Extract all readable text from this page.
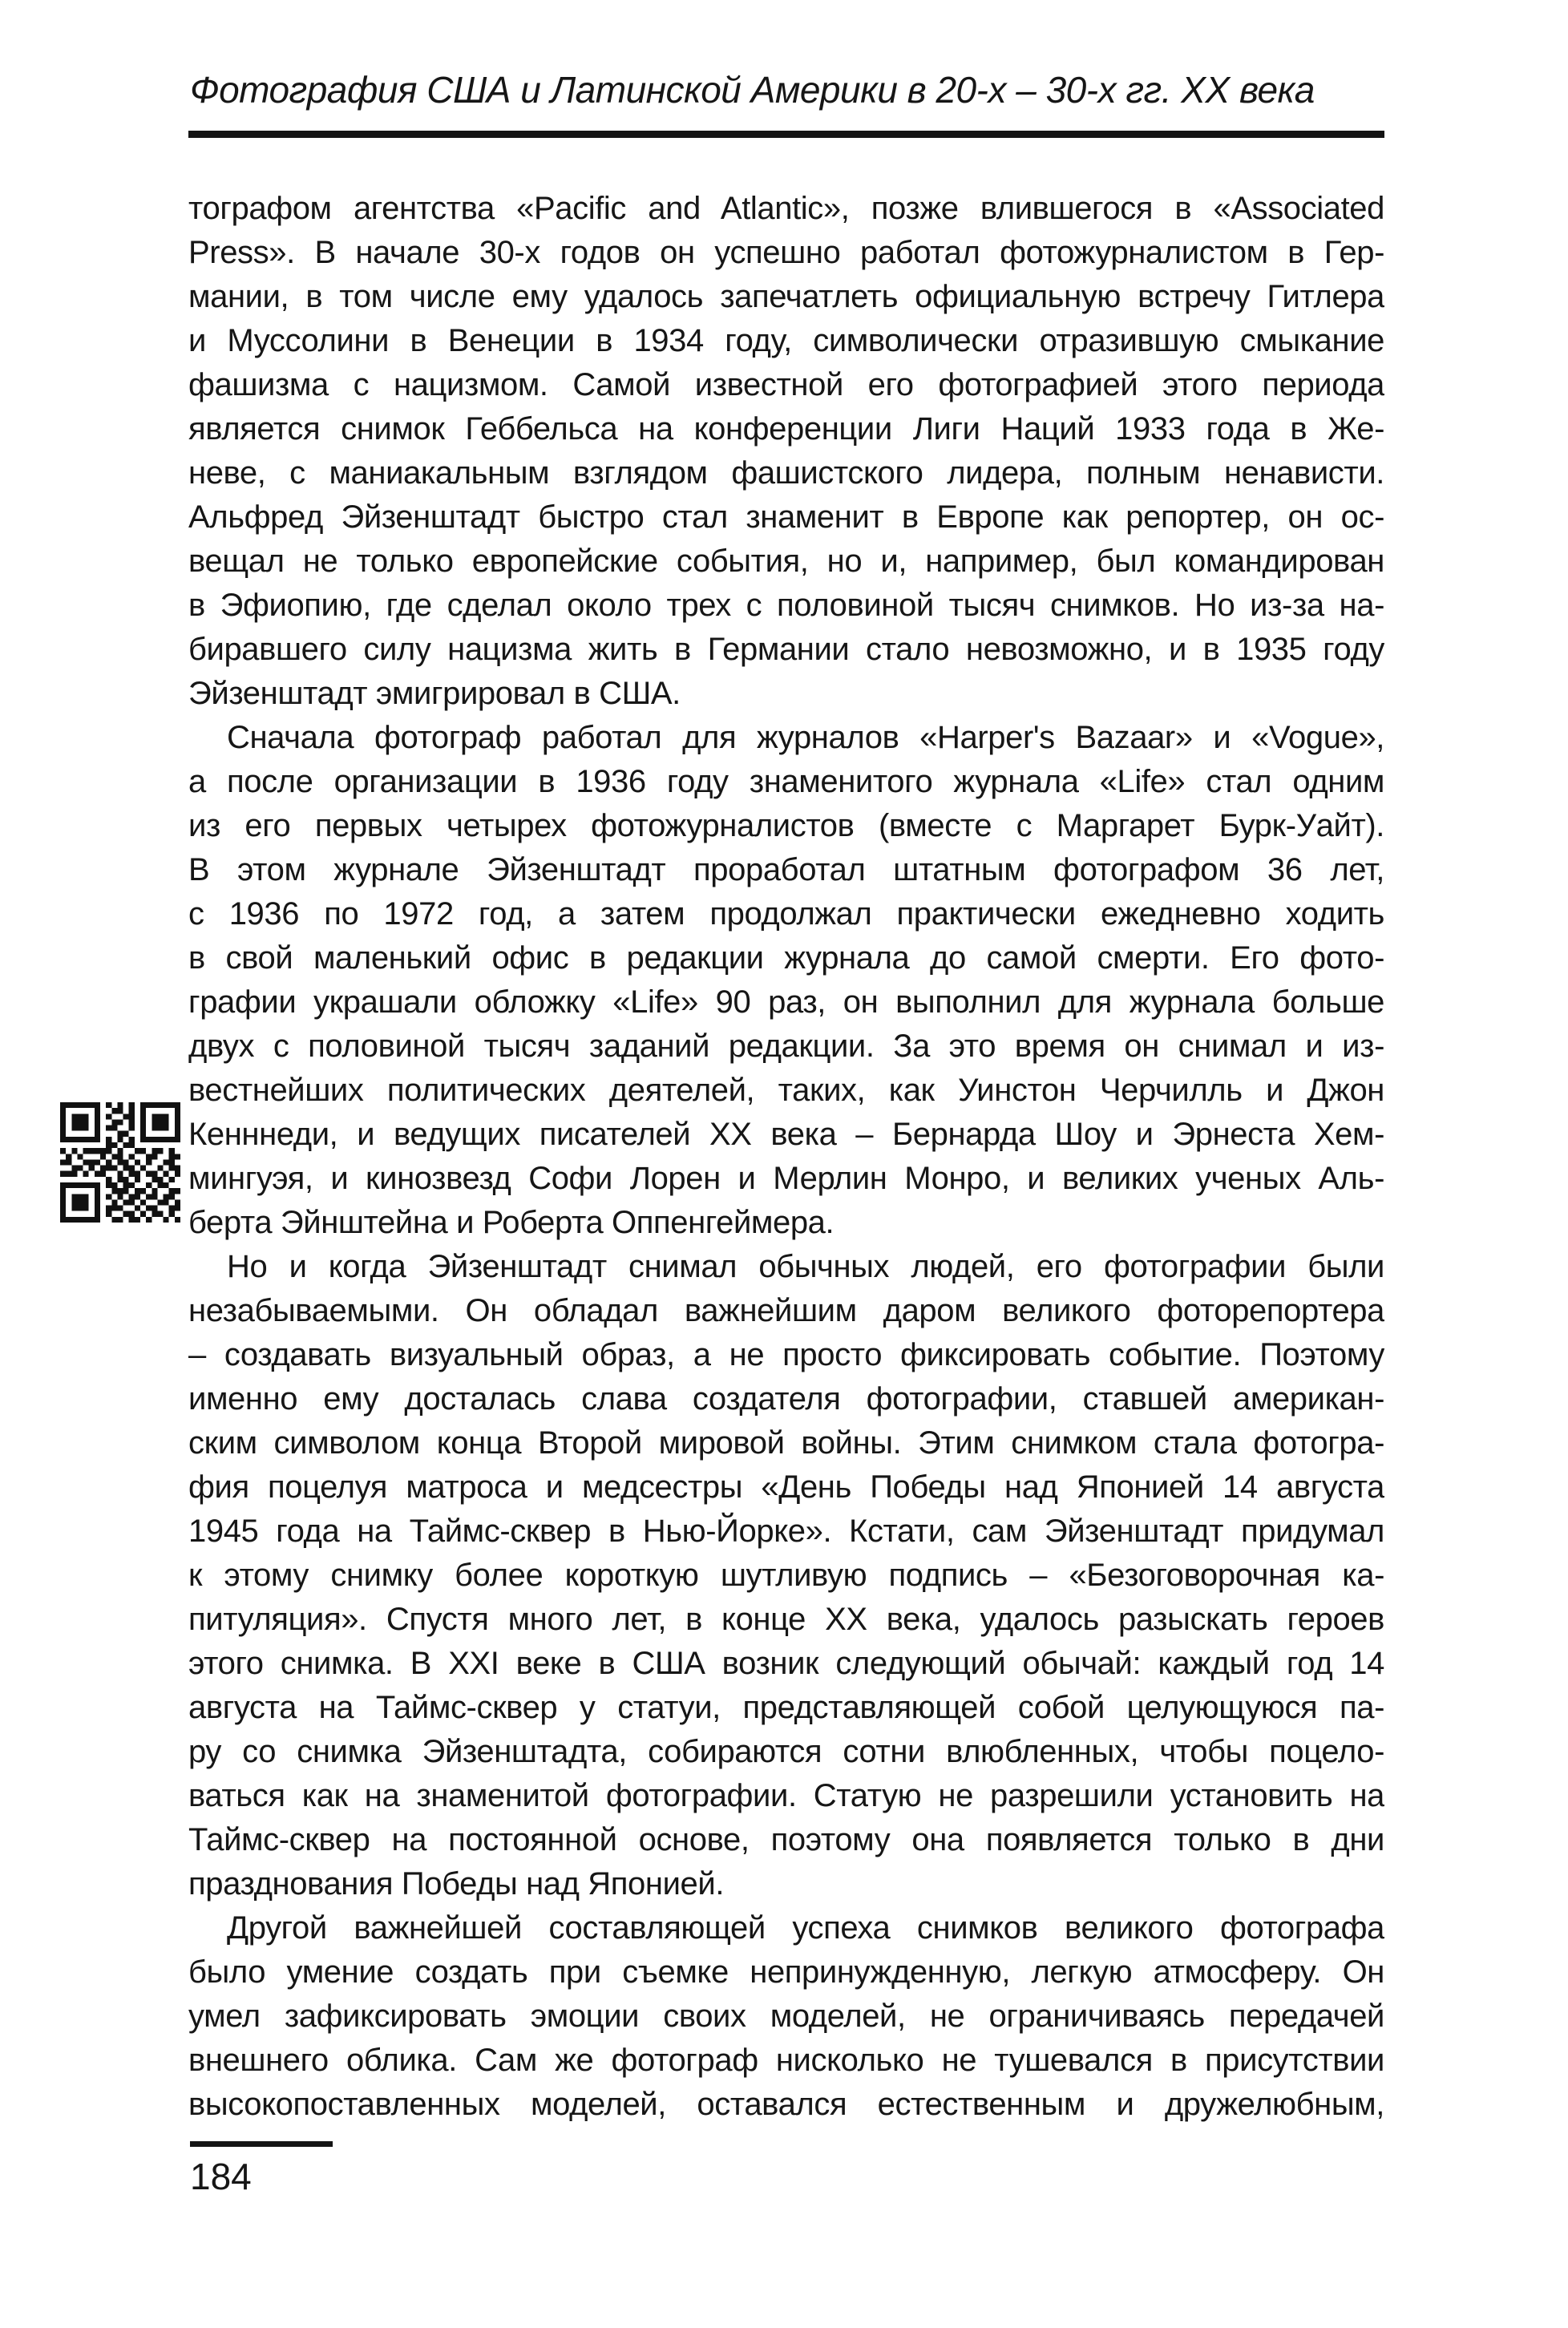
Фотография США и Латинской Америки в 20-х – 30-х гг. XX века
тографом агентства «Pacific and Atlantic», позже влившегося в «Associated
Press». В начале 30-х годов он успешно работал фотожурналистом в Гер-
мании, в том числе ему удалось запечатлеть официальную встречу Гитлера
и Муссолини в Венеции в 1934 году, символически отразившую смыкание
фашизма с нацизмом. Самой известной его фотографией этого периода
является снимок Геббельса на конференции Лиги Наций 1933 года в Же-
неве, с маниакальным взглядом фашистского лидера, полным ненависти.
Альфред Эйзенштадт быстро стал знаменит в Европе как репортер, он ос-
вещал не только европейские события, но и, например, был командирован
в Эфиопию, где сделал около трех с половиной тысяч снимков. Но из-за на-
биравшего силу нацизма жить в Германии стало невозможно, и в 1935 году
Эйзенштадт эмигрировал в США.
Сначала фотограф работал для журналов «Harper's Bazaar» и «Vogue»,
а после организации в 1936 году знаменитого журнала «Life» стал одним
из его первых четырех фотожурналистов (вместе с Маргарет Бурк-Уайт).
В этом журнале Эйзенштадт проработал штатным фотографом 36 лет,
с 1936 по 1972 год, а затем продолжал практически ежедневно ходить
в свой маленький офис в редакции журнала до самой смерти. Его фото-
графии украшали обложку «Life» 90 раз, он выполнил для журнала больше
двух с половиной тысяч заданий редакции. За это время он снимал и из-
вестнейших политических деятелей, таких, как Уинстон Черчилль и Джон
Кенннеди, и ведущих писателей XX века – Бернарда Шоу и Эрнеста Хем-
мингуэя, и кинозвезд Софи Лорен и Мерлин Монро, и великих ученых Аль-
берта Эйнштейна и Роберта Оппенгеймера.
Но и когда Эйзенштадт снимал обычных людей, его фотографии были
незабываемыми. Он обладал важнейшим даром великого фоторепортера
– создавать визуальный образ, а не просто фиксировать событие. Поэтому
именно ему досталась слава создателя фотографии, ставшей американ-
ским символом конца Второй мировой войны. Этим снимком стала фотогра-
фия поцелуя матроса и медсестры «День Победы над Японией 14 августа
1945 года на Таймс-сквер в Нью-Йорке». Кстати, сам Эйзенштадт придумал
к этому снимку более короткую шутливую подпись – «Безоговорочная ка-
питуляция». Спустя много лет, в конце XX века, удалось разыскать героев
этого снимка. В XXI веке в США возник следующий обычай: каждый год 14
августа на Таймс-сквер у статуи, представляющей собой целующуюся па-
ру со снимка Эйзенштадта, собираются сотни влюбленных, чтобы поцело-
ваться как на знаменитой фотографии. Статую не разрешили установить на
Таймс-сквер на постоянной основе, поэтому она появляется только в дни
празднования Победы над Японией.
Другой важнейшей составляющей успеха снимков великого фотографа
было умение создать при съемке непринужденную, легкую атмосферу. Он
умел зафиксировать эмоции своих моделей, не ограничиваясь передачей
внешнего облика. Сам же фотограф нисколько не тушевался в присутствии
высокопоставленных моделей, оставался естественным и дружелюбным,
184
